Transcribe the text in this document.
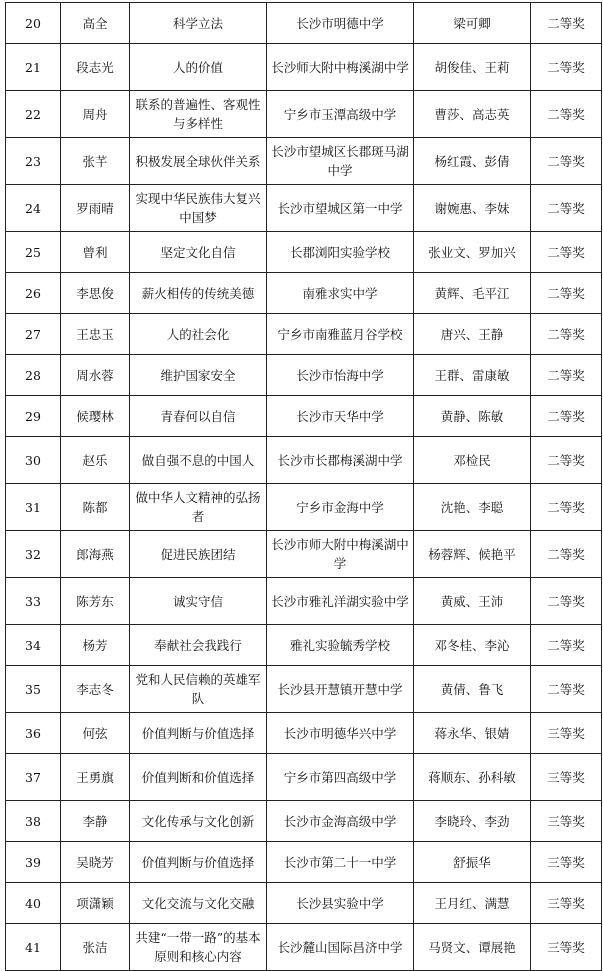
20	高全	科学立法	长沙市明德中学	梁可卿	二等奖
21	段志光	人的价值	长沙师大附中梅溪湖中学	胡俊佳、王莉	二等奖
22	周舟	联系的普遍性、客观性与多样性	宁乡市玉潭高级中学	曹莎、高志英	二等奖
23	张芊	积极发展全球伙伴关系	长沙市望城区长郡斑马湖中学	杨红霞、彭倩	二等奖
24	罗雨晴	实现中华民族伟大复兴中国梦	长沙市望城区第一中学	谢婉惠、李妹	二等奖
25	曾利	坚定文化自信	长郡浏阳实验学校	张业文、罗加兴	二等奖
26	李思俊	薪火相传的传统美德	南雅求实中学	黄辉、毛平江	二等奖
27	王忠玉	人的社会化	宁乡市南雅蓝月谷学校	唐兴、王静	二等奖
28	周水蓉	维护国家安全	长沙市怡海中学	王群、雷康敏	二等奖
29	候璎林	青春何以自信	长沙市天华中学	黄静、陈敏	二等奖
30	赵乐	做自强不息的中国人	长沙市长郡梅溪湖中学	邓检民	二等奖
31	陈都	做中华人文精神的弘扬者	宁乡市金海中学	沈艳、李聪	二等奖
32	郎海燕	促进民族团结	长沙市师大附中梅溪湖中学	杨蓉辉、候艳平	二等奖
33	陈芳东	诚实守信	长沙市雅礼洋湖实验中学	黄威、王沛	二等奖
34	杨芳	奉献社会我践行	雅礼实验毓秀学校	邓冬桂、李沁	二等奖
35	李志冬	党和人民信赖的英雄军队	长沙县开慧镇开慧中学	黄倩、鲁飞	二等奖
36	何弦	价值判断与价值选择	长沙市明德华兴中学	蒋永华、银婧	三等奖
37	王勇旗	价值判断和价值选择	宁乡市第四高级中学	蒋顺东、孙科敏	三等奖
38	李静	文化传承与文化创新	长沙市金海高级中学	李晓玲、李劲	三等奖
39	吴晓芳	价值判断与价值选择	长沙市第二十一中学	舒振华	三等奖
40	项潇颖	文化交流与文化交融	长沙县实验中学	王月红、满慧	三等奖
41	张洁	共建“一带一路”的基本原则和核心内容	长沙麓山国际昌济中学	马贤文、谭展艳	三等奖
